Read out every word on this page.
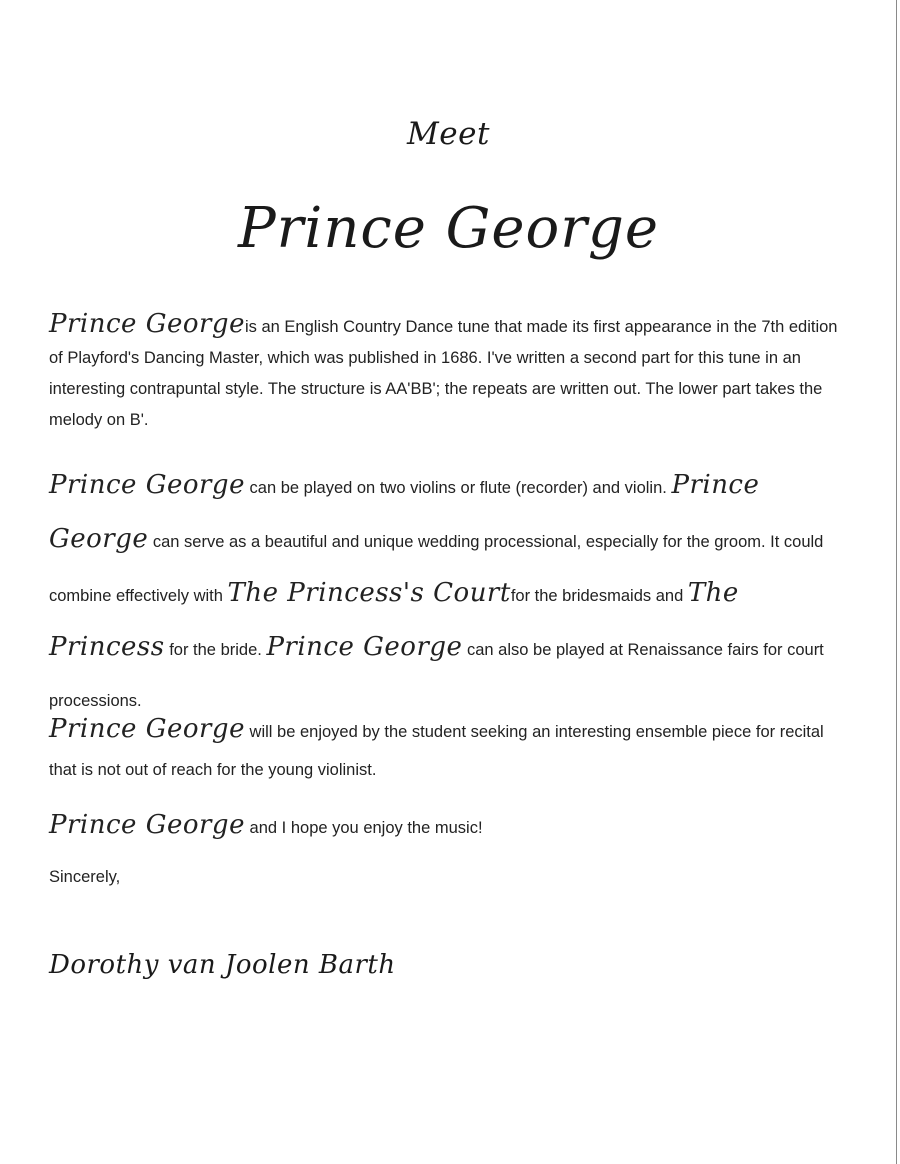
Meet
Prince George

Prince Georgeis an English Country Dance tune that made its first appearance in the 7th edition of Playford's Dancing Master, which was published in 1686. I've written a second part for this tune in an interesting contrapuntal style. The structure is AA'BB'; the repeats are written out. The lower part takes the melody on B'.

Prince George can be played on two violins or flute (recorder) and violin. Prince George can serve as a beautiful and unique wedding processional, especially for the groom. It could combine effectively with The Princess's Courtfor the bridesmaids and The Princess for the bride. Prince George can also be played at Renaissance fairs for court processions.

Prince George will be enjoyed by the student seeking an interesting ensemble piece for recital that is not out of reach for the young violinist.

Prince George and I hope you enjoy the music!

Sincerely,

Dorothy van Joolen Barth
